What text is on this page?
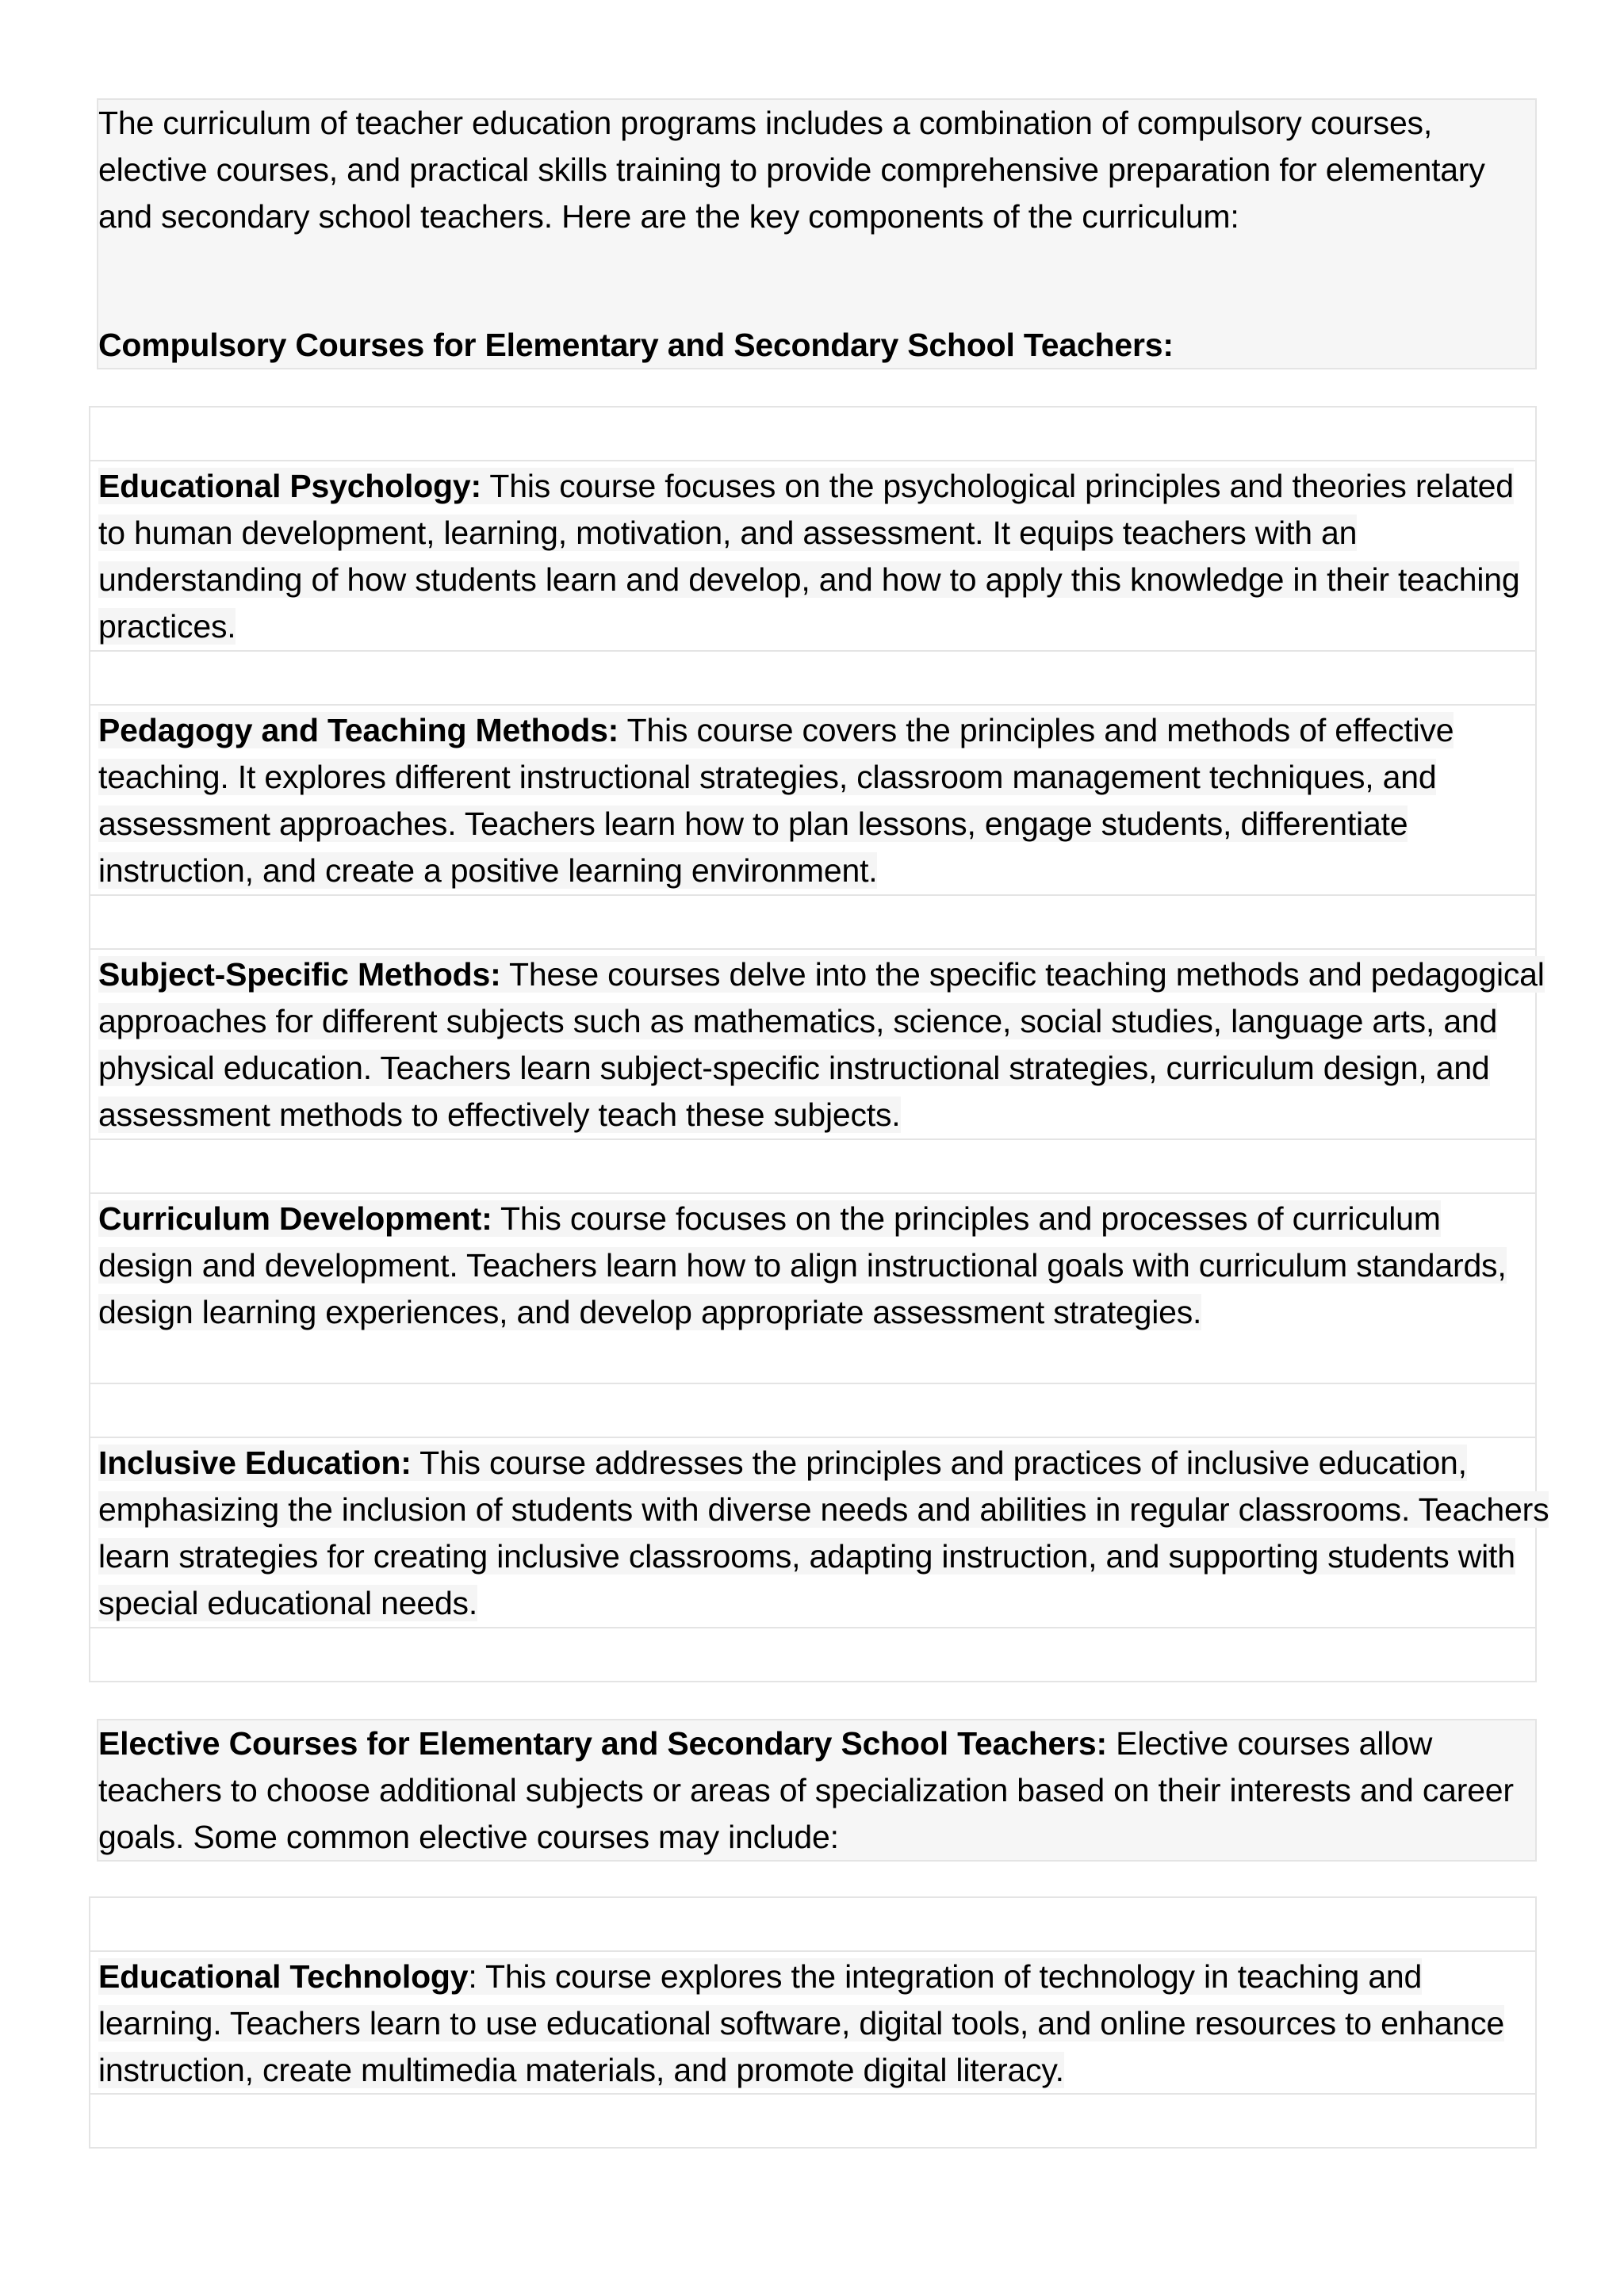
The curriculum of teacher education programs includes a combination of compulsory courses, elective courses, and practical skills training to provide comprehensive preparation for elementary and secondary school teachers. Here are the key components of the curriculum:

Compulsory Courses for Elementary and Secondary School Teachers:

Educational Psychology: This course focuses on the psychological principles and theories related to human development, learning, motivation, and assessment. It equips teachers with an understanding of how students learn and develop, and how to apply this knowledge in their teaching practices.

Pedagogy and Teaching Methods: This course covers the principles and methods of effective teaching. It explores different instructional strategies, classroom management techniques, and assessment approaches. Teachers learn how to plan lessons, engage students, differentiate instruction, and create a positive learning environment.

Subject-Specific Methods: These courses delve into the specific teaching methods and pedagogical approaches for different subjects such as mathematics, science, social studies, language arts, and physical education. Teachers learn subject-specific instructional strategies, curriculum design, and assessment methods to effectively teach these subjects.

Curriculum Development: This course focuses on the principles and processes of curriculum design and development. Teachers learn how to align instructional goals with curriculum standards, design learning experiences, and develop appropriate assessment strategies.

Inclusive Education: This course addresses the principles and practices of inclusive education, emphasizing the inclusion of students with diverse needs and abilities in regular classrooms. Teachers learn strategies for creating inclusive classrooms, adapting instruction, and supporting students with special educational needs.

Elective Courses for Elementary and Secondary School Teachers: Elective courses allow teachers to choose additional subjects or areas of specialization based on their interests and career goals. Some common elective courses may include:

Educational Technology: This course explores the integration of technology in teaching and learning. Teachers learn to use educational software, digital tools, and online resources to enhance instruction, create multimedia materials, and promote digital literacy.
